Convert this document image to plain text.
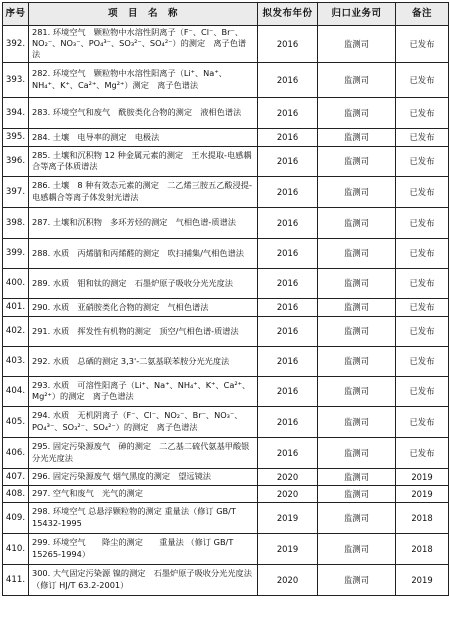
序号	项　目　名　称	拟发布年份	归口业务司	备注
392.	281. 环境空气　颗粒物中水溶性阴离子（F⁻、Cl⁻、Br⁻、NO₂⁻、NO₃⁻、PO₄³⁻、SO₃²⁻、SO₄²⁻）的测定　离子色谱法	2016	监测司	已发布
393.	282. 环境空气　颗粒物中水溶性阳离子（Li⁺、Na⁺、NH₄⁺、K⁺、Ca²⁺、Mg²⁺）测定　离子色谱法	2016	监测司	已发布
394.	283. 环境空气和废气　酰胺类化合物的测定　液相色谱法	2016	监测司	已发布
395.	284. 土壤　电导率的测定　电极法	2016	监测司	已发布
396.	285. 土壤和沉积物 12 种金属元素的测定　王水提取-电感耦合等离子体质谱法	2016	监测司	已发布
397.	286. 土壤　8 种有效态元素的测定　二乙烯三胺五乙酸浸提-电感耦合等离子体发射光谱法	2016	监测司	已发布
398.	287. 土壤和沉积物　多环芳烃的测定　气相色谱-质谱法	2016	监测司	已发布
399.	288. 水质　丙烯腈和丙烯醛的测定　吹扫捕集/气相色谱法	2016	监测司	已发布
400.	289. 水质　钼和钛的测定　石墨炉原子吸收分光光度法	2016	监测司	已发布
401.	290. 水质　亚硝胺类化合物的测定　气相色谱法	2016	监测司	已发布
402.	291. 水质　挥发性有机物的测定　顶空/气相色谱-质谱法	2016	监测司	已发布
403.	292. 水质　总硒的测定 3,3'-二氨基联苯胺分光光度法	2016	监测司	已发布
404.	293. 水质　可溶性阳离子（Li⁺、Na⁺、NH₄⁺、K⁺、Ca²⁺、Mg²⁺）的测定　离子色谱法	2016	监测司	已发布
405.	294. 水质　无机阴离子（F⁻、Cl⁻、NO₂⁻、Br⁻、NO₃⁻、PO₄³⁻、SO₃²⁻、SO₄²⁻）的测定　离子色谱法	2016	监测司	已发布
406.	295. 固定污染源废气　砷的测定　二乙基二硫代氨基甲酸银分光光度法	2016	监测司	已发布
407.	296. 固定污染源废气 烟气黑度的测定　望远镜法	2020	监测司	2019
408.	297. 空气和废气　光气的测定	2020	监测司	2019
409.	298. 环境空气 总悬浮颗粒物的测定 重量法（修订 GB/T 15432-1995	2019	监测司	2018
410.	299. 环境空气　　降尘的测定　　重量法 （修订 GB/T 15265-1994）	2019	监测司	2018
411.	300. 大气固定污染源 镍的测定　石墨炉原子吸收分光光度法（修订 HJ/T 63.2-2001）	2020	监测司	2019
